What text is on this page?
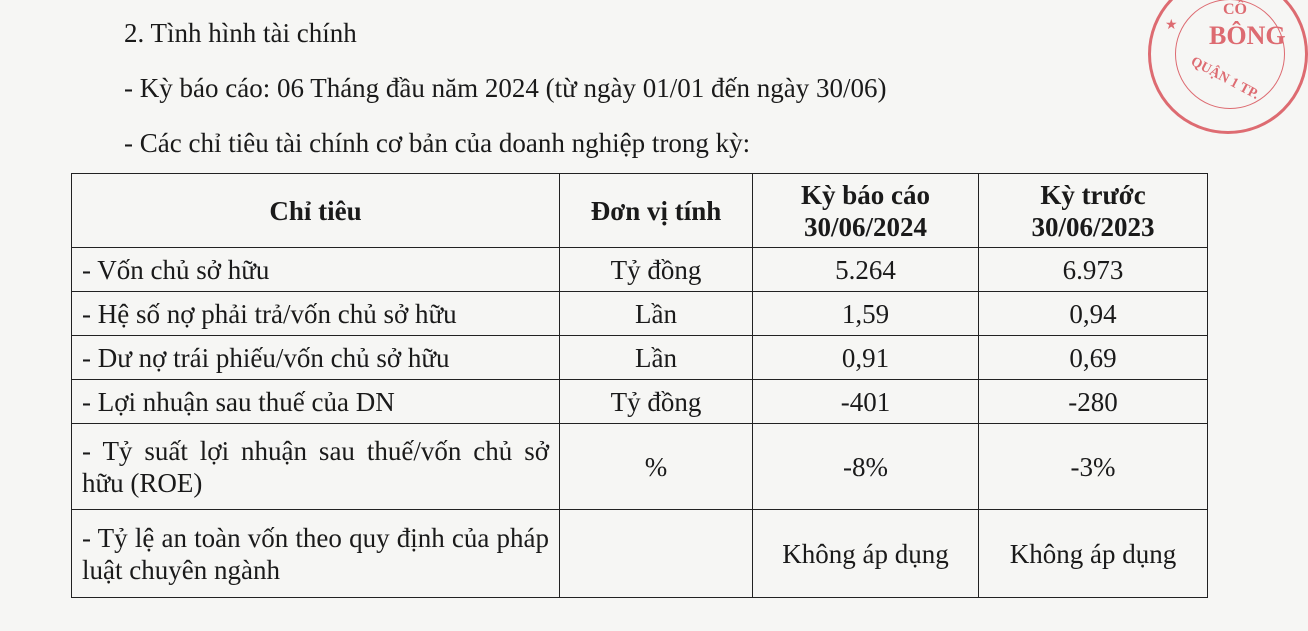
2. Tình hình tài chính
- Kỳ báo cáo: 06 Tháng đầu năm 2024 (từ ngày 01/01 đến ngày 30/06)
- Các chỉ tiêu tài chính cơ bản của doanh nghiệp trong kỳ:
★
CÔ
BÔNG
QUẬN 1 TP.
Chỉ tiêu	Đơn vị tính	Kỳ báo cáo 30/06/2024	Kỳ trước 30/06/2023
- Vốn chủ sở hữu	Tỷ đồng	5.264	6.973
- Hệ số nợ phải trả/vốn chủ sở hữu	Lần	1,59	0,94
- Dư nợ trái phiếu/vốn chủ sở hữu	Lần	0,91	0,69
- Lợi nhuận sau thuế của DN	Tỷ đồng	-401	-280
- Tỷ suất lợi nhuận sau thuế/vốn chủ sở hữu (ROE)	%	-8%	-3%
- Tỷ lệ an toàn vốn theo quy định của pháp luật chuyên ngành		Không áp dụng	Không áp dụng
